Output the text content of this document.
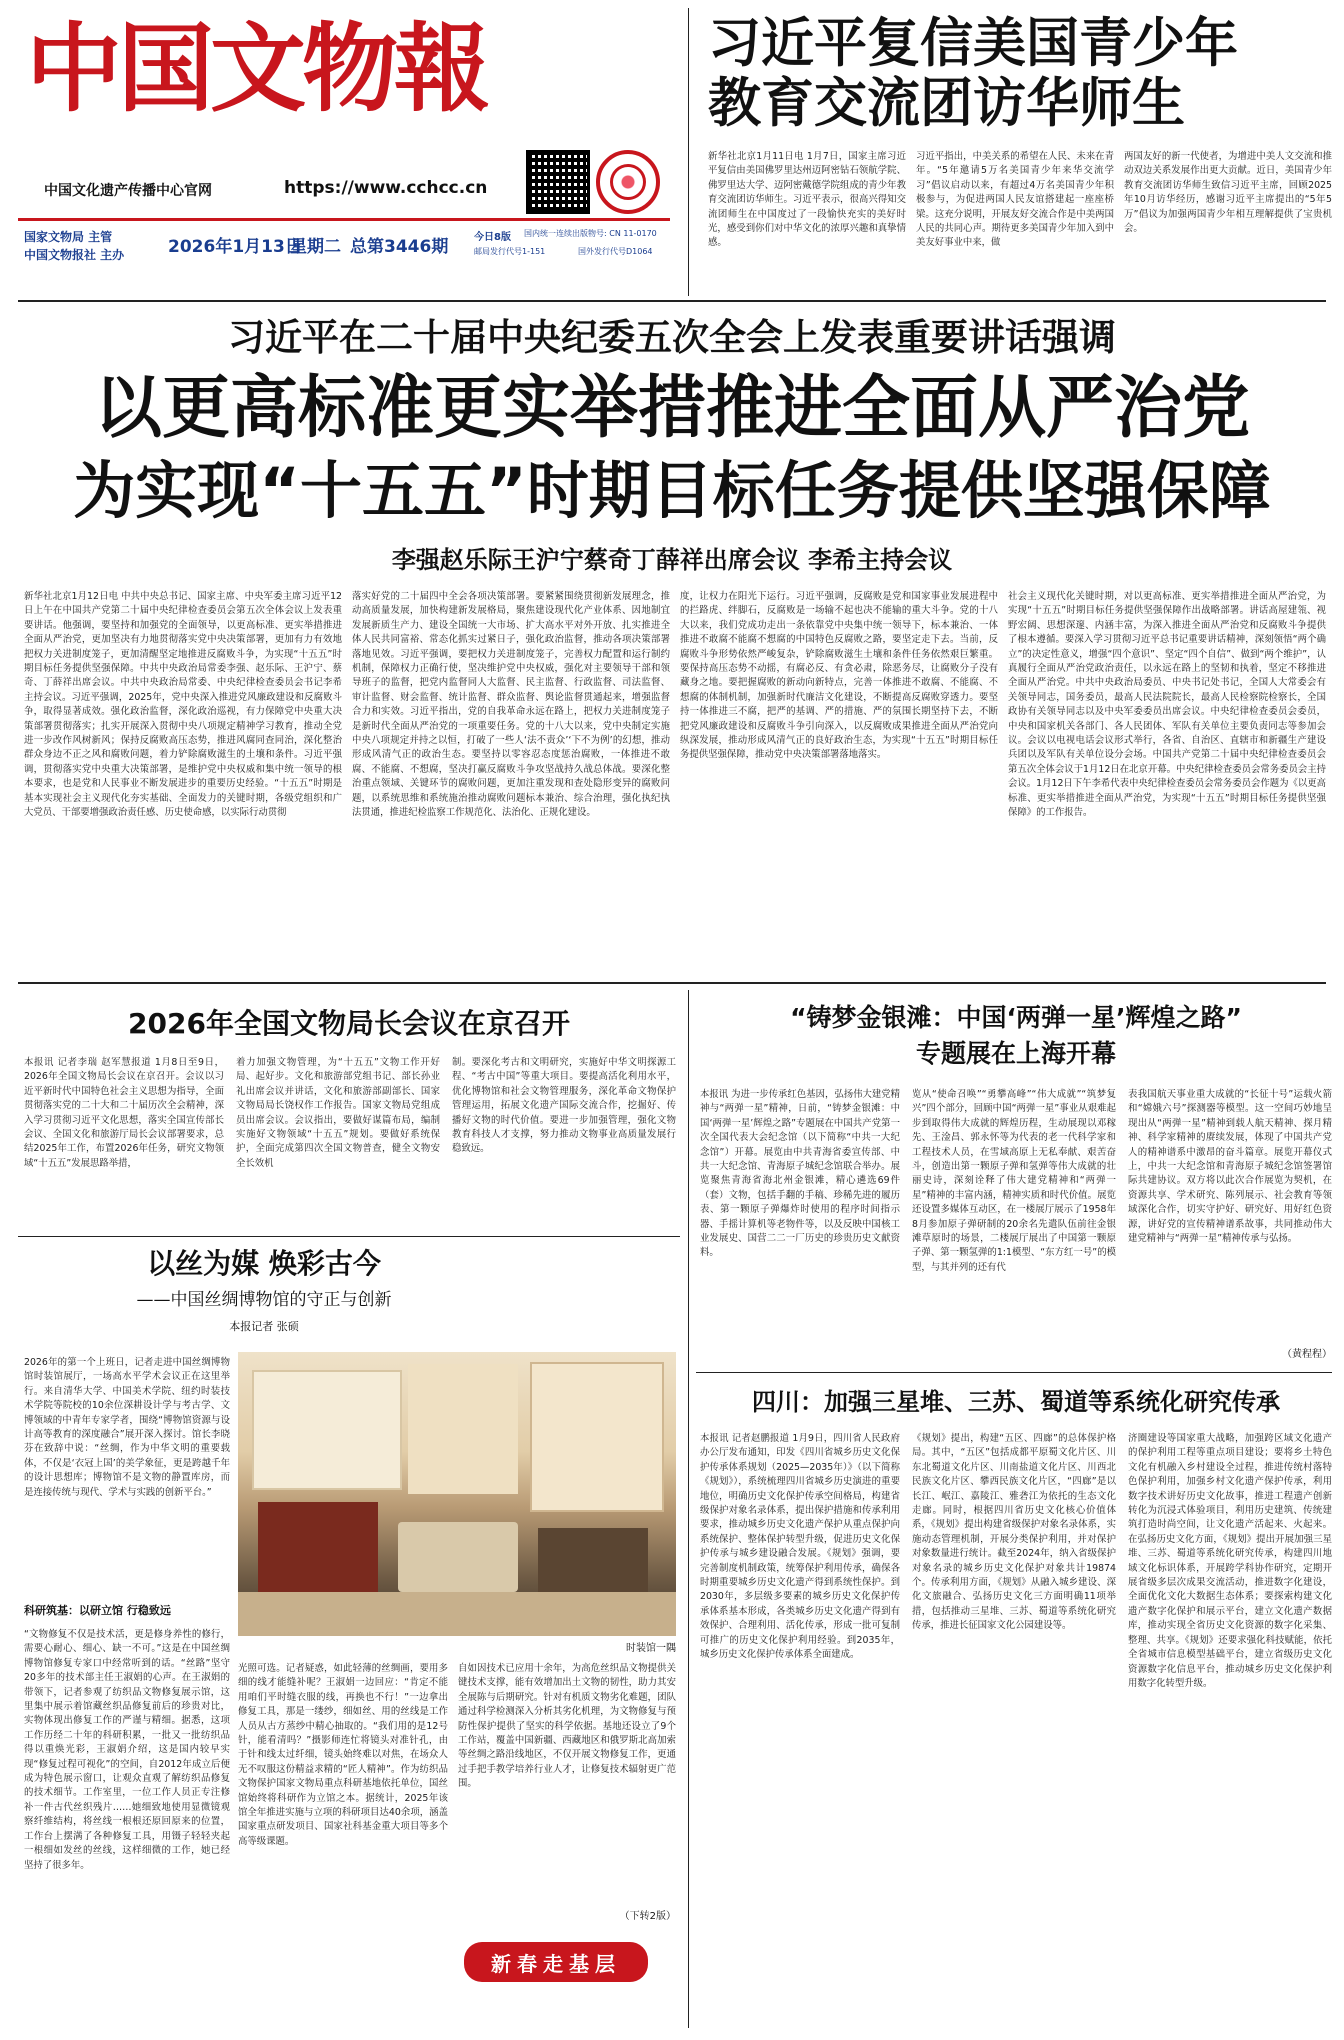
中国文物報
中国文化遗产传播中心官网	https://www.cchcc.cn
国家文物局 主管
中国文物报社 主办	2026年1月13日
星期二 总第3446期	今日8版 国内统一连续出版物号: CN 11-0170
邮局发行代号1-151	国外发行代号D1064
习近平复信美国青少年
教育交流团访华师生
新华社北京1月11日电 1月7日，国家主席习近平复信由美国佛罗里达州迈阿密钻石领航学院、佛罗里达大学、迈阿密戴德学院组成的青少年教育交流团访华师生。习近平表示，很高兴得知交流团师生在中国度过了一段愉快充实的美好时光，感受到你们对中华文化的浓厚兴趣和真挚情感。
习近平指出，中美关系的希望在人民、未来在青年。“5年邀请5万名美国青少年来华交流学习”倡议启动以来，有超过4万名美国青少年积极参与，为促进两国人民友谊搭建起一座座桥梁。这充分说明，开展友好交流合作是中美两国人民的共同心声。期待更多美国青少年加入到中美友好事业中来，做
两国友好的新一代使者，为增进中美人文交流和推动双边关系发展作出更大贡献。近日，美国青少年教育交流团访华师生致信习近平主席，回顾2025年10月访华经历，感谢习近平主席提出的“5年5万”倡议为加强两国青少年相互理解提供了宝贵机会。
习近平在二十届中央纪委五次全会上发表重要讲话强调
以更高标准更实举措推进全面从严治党
为实现“十五五”时期目标任务提供坚强保障
李强赵乐际王沪宁蔡奇丁薛祥出席会议 李希主持会议
新华社北京1月12日电 中共中央总书记、国家主席、中央军委主席习近平12日上午在中国共产党第二十届中央纪律检查委员会第五次全体会议上发表重要讲话。他强调，要坚持和加强党的全面领导，以更高标准、更实举措推进全面从严治党，更加坚决有力地贯彻落实党中央决策部署，更加有力有效地把权力关进制度笼子，更加清醒坚定地推进反腐败斗争，为实现“十五五”时期目标任务提供坚强保障。中共中央政治局常委李强、赵乐际、王沪宁、蔡奇、丁薛祥出席会议。中共中央政治局常委、中央纪律检查委员会书记李希主持会议。习近平强调，2025年，党中央深入推进党风廉政建设和反腐败斗争，取得显著成效。强化政治监督，深化政治巡视，有力保障党中央重大决策部署贯彻落实；扎实开展深入贯彻中央八项规定精神学习教育，推动全党进一步改作风树新风；保持反腐败高压态势，推进风腐同查同治，深化整治群众身边不正之风和腐败问题，着力铲除腐败滋生的土壤和条件。习近平强调，贯彻落实党中央重大决策部署，是维护党中央权威和集中统一领导的根本要求，也是党和人民事业不断发展进步的重要历史经验。“十五五”时期是基本实现社会主义现代化夯实基础、全面发力的关键时期，各级党组织和广大党员、干部要增强政治责任感、历史使命感，以实际行动贯彻
落实好党的二十届四中全会各项决策部署。要紧紧围绕贯彻新发展理念，推动高质量发展，加快构建新发展格局，聚焦建设现代化产业体系、因地制宜发展新质生产力、建设全国统一大市场、扩大高水平对外开放、扎实推进全体人民共同富裕、常态化抓实过紧日子，强化政治监督，推动各项决策部署落地见效。习近平强调，要把权力关进制度笼子，完善权力配置和运行制约机制，保障权力正确行使，坚决维护党中央权威，强化对主要领导干部和领导班子的监督，把党内监督同人大监督、民主监督、行政监督、司法监督、审计监督、财会监督、统计监督、群众监督、舆论监督贯通起来，增强监督合力和实效。习近平指出，党的自我革命永远在路上，把权力关进制度笼子是新时代全面从严治党的一项重要任务。党的十八大以来，党中央制定实施中央八项规定并持之以恒，打破了一些人‘法不责众’‘下不为例’的幻想，推动形成风清气正的政治生态。要坚持以零容忍态度惩治腐败，一体推进不敢腐、不能腐、不想腐，坚决打赢反腐败斗争攻坚战持久战总体战。要深化整治重点领域、关键环节的腐败问题，更加注重发现和查处隐形变异的腐败问题，以系统思维和系统施治推动腐败问题标本兼治、综合治理，强化执纪执法贯通，推进纪检监察工作规范化、法治化、正规化建设。
度，让权力在阳光下运行。习近平强调，反腐败是党和国家事业发展进程中的拦路虎、绊脚石，反腐败是一场输不起也决不能输的重大斗争。党的十八大以来，我们党成功走出一条依靠党中央集中统一领导下，标本兼治、一体推进不敢腐不能腐不想腐的中国特色反腐败之路，要坚定走下去。当前，反腐败斗争形势依然严峻复杂，铲除腐败滋生土壤和条件任务依然艰巨繁重。要保持高压态势不动摇，有腐必反、有贪必肃，除恶务尽，让腐败分子没有藏身之地。要把握腐败的新动向新特点，完善一体推进不敢腐、不能腐、不想腐的体制机制，加强新时代廉洁文化建设，不断提高反腐败穿透力。要坚持一体推进三不腐，把严的基调、严的措施、严的氛围长期坚持下去，不断把党风廉政建设和反腐败斗争引向深入，以反腐败成果推进全面从严治党向纵深发展，推动形成风清气正的良好政治生态，为实现“十五五”时期目标任务提供坚强保障，推动党中央决策部署落地落实。
社会主义现代化关键时期，对以更高标准、更实举措推进全面从严治党，为实现“十五五”时期目标任务提供坚强保障作出战略部署。讲话高屋建瓴、视野宏阔、思想深邃、内涵丰富，为深入推进全面从严治党和反腐败斗争提供了根本遵循。要深入学习贯彻习近平总书记重要讲话精神，深刻领悟“两个确立”的决定性意义，增强“四个意识”、坚定“四个自信”、做到“两个维护”，认真履行全面从严治党政治责任，以永远在路上的坚韧和执着，坚定不移推进全面从严治党。中共中央政治局委员、中央书记处书记，全国人大常委会有关领导同志，国务委员，最高人民法院院长，最高人民检察院检察长，全国政协有关领导同志以及中央军委委员出席会议。中央纪律检查委员会委员，中央和国家机关各部门、各人民团体、军队有关单位主要负责同志等参加会议。会议以电视电话会议形式举行，各省、自治区、直辖市和新疆生产建设兵团以及军队有关单位设分会场。中国共产党第二十届中央纪律检查委员会第五次全体会议于1月12日在北京开幕。中央纪律检查委员会常务委员会主持会议。1月12日下午李希代表中央纪律检查委员会常务委员会作题为《以更高标准、更实举措推进全面从严治党，为实现“十五五”时期目标任务提供坚强保障》的工作报告。
2026年全国文物局长会议在京召开
本报讯 记者李瑞 赵军慧报道 1月8日至9日，2026年全国文物局长会议在京召开。会议以习近平新时代中国特色社会主义思想为指导，全面贯彻落实党的二十大和二十届历次全会精神，深入学习贯彻习近平文化思想，落实全国宣传部长会议、全国文化和旅游厅局长会议部署要求，总结2025年工作，布置2026年任务，研究文物领域“十五五”发展思路举措，
着力加强文物管理，为“十五五”文物工作开好局、起好步。文化和旅游部党组书记、部长孙业礼出席会议并讲话，文化和旅游部副部长、国家文物局局长饶权作工作报告。国家文物局党组成员出席会议。会议指出，要做好谋篇布局，编制实施好文物领域“十五五”规划。要做好系统保护，全面完成第四次全国文物普查，健全文物安全长效机
制。要深化考古和文明研究，实施好中华文明探源工程、“考古中国”等重大项目。要提高活化利用水平，优化博物馆和社会文物管理服务，深化革命文物保护管理运用，拓展文化遗产国际交流合作，挖掘好、传播好文物的时代价值。要进一步加强管理，强化文物教育科技人才支撑，努力推动文物事业高质量发展行稳致远。
以丝为媒 焕彩古今
——中国丝绸博物馆的守正与创新
本报记者 张硕
2026年的第一个上班日，记者走进中国丝绸博物馆时装馆展厅，一场高水平学术会议正在这里举行。来自清华大学、中国美术学院、纽约时装技术学院等院校的10余位深耕设计学与考古学、文博领域的中青年专家学者，围绕“博物馆资源与设计高等教育的深度融合”展开深入探讨。馆长李晓芬在致辞中说：“丝绸，作为中华文明的重要载体，不仅是‘衣冠上国’的美学象征，更是跨越千年的设计思想库；博物馆不是文物的静置库房，而是连接传统与现代、学术与实践的创新平台。”
科研筑基：以研立馆 行稳致远
“文物修复不仅是技术活，更是修身养性的修行，需要心耐心、细心、缺一不可。”这是在中国丝绸博物馆修复专家口中经常听到的话。“丝路”坚守20多年的技术部主任王淑娟的心声。在王淑娟的带领下，记者参观了纺织品文物修复展示馆，这里集中展示着馆藏丝织品修复前后的珍贵对比，实物体现出修复工作的严谨与精细。据悉，这项工作历经二十年的科研积累，一批又一批纺织品得以重焕光彩，王淑娟介绍，这是国内较早实现“修复过程可视化”的空间，自2012年成立后便成为特色展示窗口，让观众直观了解纺织品修复的技术细节。工作室里，一位工作人员正专注修补一件古代丝织残片……她细致地使用显微镜观察纤维结构，将丝线一根根还原回原来的位置，工作台上摆满了各种修复工具，用镊子轻轻夹起一根细如发丝的丝线，这样细微的工作，她已经坚持了很多年。
时装馆一隅
光照可选。记者疑惑，如此轻薄的丝绸画，要用多细的线才能缝补呢？王淑娟一边回应：“肯定不能用咱们平时缝衣服的线，再换也不行！”一边拿出修复工具，那是一缕纱，细如丝、用的丝线是工作人员从古方蒸纱中精心抽取的。“我们用的是12号针，能看清吗？”摄影师连忙将镜头对准针孔，由于针和线太过纤细，镜头始终难以对焦，在场众人无不叹服这份精益求精的“匠人精神”。作为纺织品文物保护国家文物局重点科研基地依托单位，国丝馆始终将科研作为立馆之本。据统计，2025年该馆全年推进实施与立项的科研项目达40余项，涵盖国家重点研发项目、国家社科基金重大项目等多个高等级课题。
自如因技术已应用十余年，为高危丝织品文物提供关键技术支撑，能有效增加出土文物的韧性，助力其安全展陈与后期研究。针对有机质文物劣化难题，团队通过科学检测深入分析其劣化机理，为文物修复与预防性保护提供了坚实的科学依据。基地还设立了9个工作站，覆盖中国新疆、西藏地区和俄罗斯北高加索等丝绸之路沿线地区，不仅开展文物修复工作，更通过手把手教学培养行业人才，让修复技术辐射更广范围。
（下转2版）
新春走基层
“铸梦金银滩：中国‘两弹一星’辉煌之路”
专题展在上海开幕
本报讯 为进一步传承红色基因，弘扬伟大建党精神与“两弹一星”精神，日前，“铸梦金银滩：中国‘两弹一星’辉煌之路”专题展在中国共产党第一次全国代表大会纪念馆（以下简称“中共一大纪念馆”）开幕。展览由中共青海省委宣传部、中共一大纪念馆、青海原子城纪念馆联合举办。展览聚焦青海省海北州金银滩，精心遴选69件（套）文物，包括手翻的手稿、珍稀先进的履历表、第一颗原子弹爆炸时使用的程序时间指示器、手摇计算机等老物件等，以及反映中国核工业发展史、国营二二一厂历史的珍贵历史文献资料。
览从“使命召唤”“勇攀高峰”“伟大成就”“筑梦复兴”四个部分，回顾中国“两弹一星”事业从艰难起步到取得伟大成就的辉煌历程，生动展现以邓稼先、王淦昌、郭永怀等为代表的老一代科学家和工程技术人员，在雪域高原上无私奉献、艰苦奋斗，创造出第一颗原子弹和氢弹等伟大成就的壮丽史诗，深刻诠释了伟大建党精神和“两弹一星”精神的丰富内涵，精神实质和时代价值。展览还设置多媒体互动区，在一楼展厅展示了1958年8月参加原子弹研制的20余名先遣队伍前往金银滩草原时的场景，二楼展厅展出了中国第一颗原子弹、第一颗氢弹的1:1模型、“东方红一号”的模型，与其并列的还有代
表我国航天事业重大成就的“长征十号”运载火箭和“嫦娥六号”探测器等模型。这一空间巧妙地呈现出从“两弹一星”精神到载人航天精神、探月精神、科学家精神的赓续发展，体现了中国共产党人的精神谱系中激昂的奋斗篇章。展览开幕仪式上，中共一大纪念馆和青海原子城纪念馆签署馆际共建协议。双方将以此次合作展览为契机，在资源共享、学术研究、陈列展示、社会教育等领域深化合作，切实守护好、研究好、用好红色资源，讲好党的宣传精神谱系故事，共同推动伟大建党精神与“两弹一星”精神传承与弘扬。
（黄程程）
四川：加强三星堆、三苏、蜀道等系统化研究传承
本报讯 记者赵鹏报道 1月9日，四川省人民政府办公厅发布通知，印发《四川省城乡历史文化保护传承体系规划（2025—2035年）》（以下简称《规划》），系统梳理四川省城乡历史演进的重要地位，明确历史文化保护传承空间格局，构建省级保护对象名录体系，提出保护措施和传承利用要求，推动城乡历史文化遗产保护从重点保护向系统保护、整体保护转型升级，促进历史文化保护传承与城乡建设融合发展。《规划》强调，要完善制度机制政策，统筹保护利用传承，确保各时期重要城乡历史文化遗产得到系统性保护。到2030年，多层级多要素的城乡历史文化保护传承体系基本形成，各类城乡历史文化遗产得到有效保护、合理利用、活化传承，形成一批可复制可推广的历史文化保护利用经验。到2035年，城乡历史文化保护传承体系全面建成。
《规划》提出，构建“五区、四廊”的总体保护格局。其中，“五区”包括成都平原蜀文化片区、川东北蜀道文化片区、川南盐道文化片区、川西北民族文化片区、攀西民族文化片区，“四廊”是以长江、岷江、嘉陵江、雅砻江为依托的生态文化走廊。同时，根据四川省历史文化核心价值体系，《规划》提出构建省级保护对象名录体系，实施动态管理机制，开展分类保护利用，并对保护对象数量进行统计。截至2024年，纳入省级保护对象名录的城乡历史文化保护对象共计19874个。传承利用方面，《规划》从融入城乡建设、深化文旅融合、弘扬历史文化三方面明确11项举措，包括推动三星堆、三苏、蜀道等系统化研究传承，推进长征国家文化公园建设等。
济圈建设等国家重大战略，加强跨区域文化遗产的保护利用工程等重点项目建设；要将乡土特色文化有机融入乡村建设全过程，推进传统村落特色保护利用，加强乡村文化遗产保护传承，利用数字技术讲好历史文化故事，推进工程遗产创新转化为沉浸式体验项目，利用历史建筑、传统建筑打造时尚空间，让文化遗产活起来、火起来。在弘扬历史文化方面，《规划》提出开展加强三星堆、三苏、蜀道等系统化研究传承，构建四川地域文化标识体系，开展跨学科协作研究，定期开展省级多层次成果交流活动，推进数字化建设，全面优化文化大数据生态体系；要探索构建文化遗产数字化保护和展示平台，建立文化遗产数据库，推动实现全省历史文化资源的数字化采集、整理、共享。《规划》还要求强化科技赋能，依托全省城市信息模型基础平台，建立省级历史文化资源数字化信息平台，推动城乡历史文化保护利用数字化转型升级。
